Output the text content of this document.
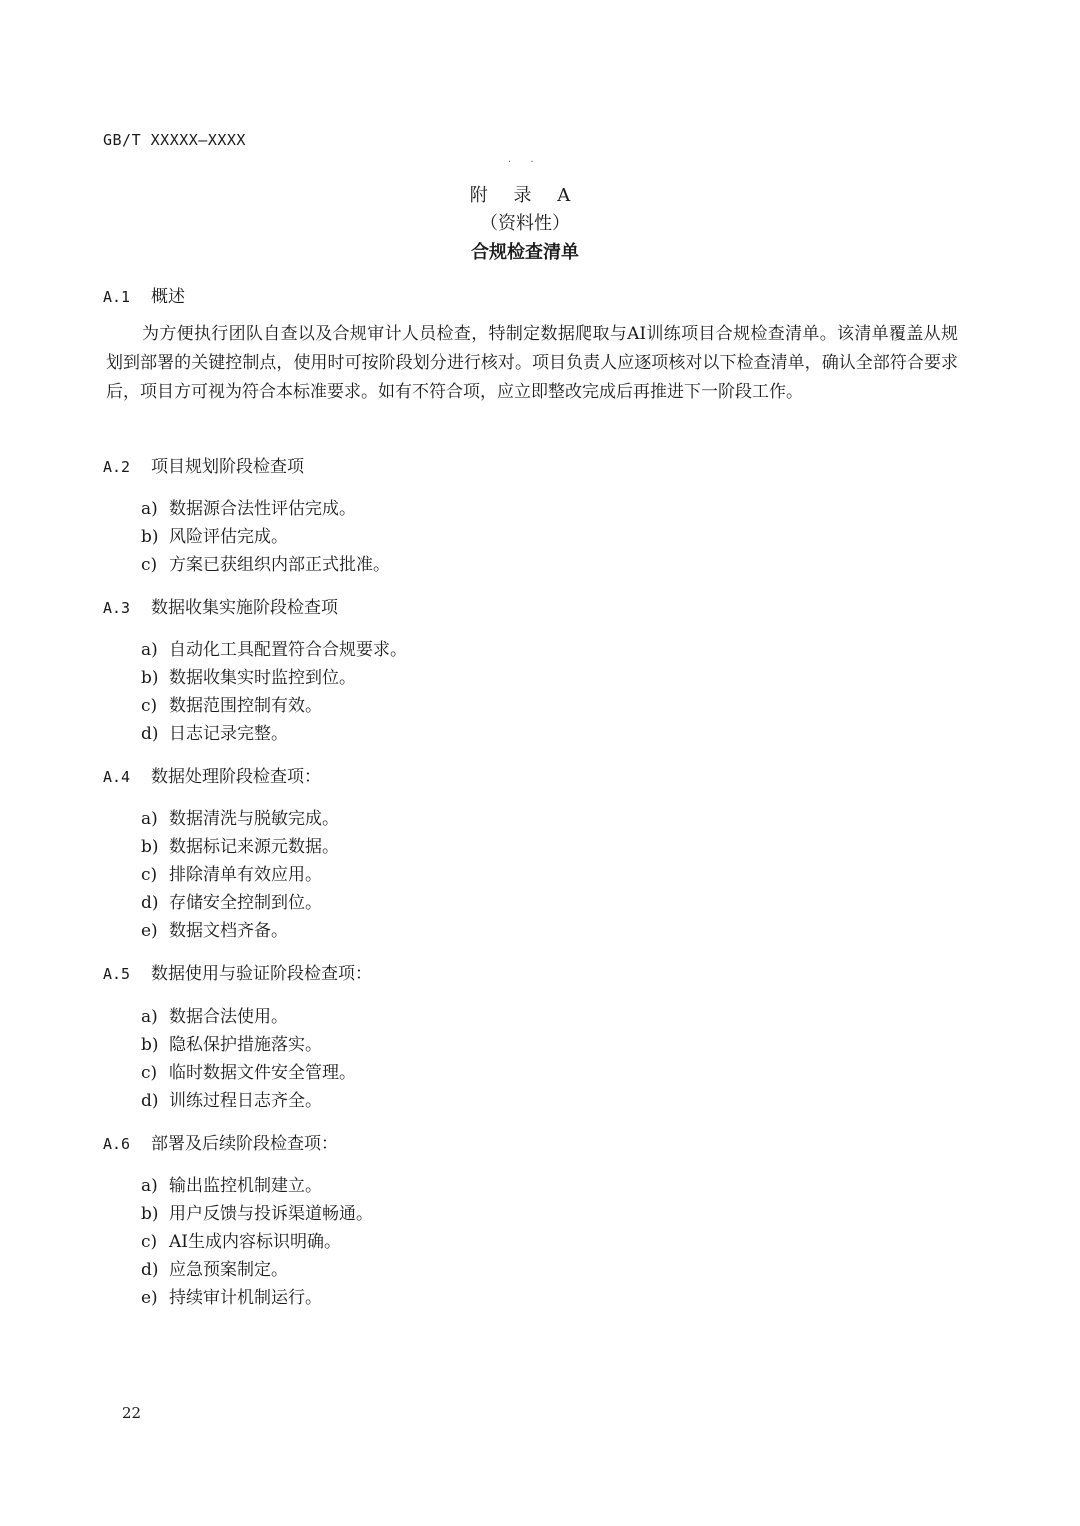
GB/T XXXXX—XXXX
· ·
附 录 A
（资料性）
合规检查清单
A.1 概述
为方便执行团队自查以及合规审计人员检查，特制定数据爬取与AI训练项目合规检查清单。该清单覆盖从规划到部署的关键控制点，使用时可按阶段划分进行核对。项目负责人应逐项核对以下检查清单，确认全部符合要求后，项目方可视为符合本标准要求。如有不符合项，应立即整改完成后再推进下一阶段工作。
A.2 项目规划阶段检查项
a) 数据源合法性评估完成。
b) 风险评估完成。
c) 方案已获组织内部正式批准。
A.3 数据收集实施阶段检查项
a) 自动化工具配置符合合规要求。
b) 数据收集实时监控到位。
c) 数据范围控制有效。
d) 日志记录完整。
A.4 数据处理阶段检查项：
a) 数据清洗与脱敏完成。
b) 数据标记来源元数据。
c) 排除清单有效应用。
d) 存储安全控制到位。
e) 数据文档齐备。
A.5 数据使用与验证阶段检查项：
a) 数据合法使用。
b) 隐私保护措施落实。
c) 临时数据文件安全管理。
d) 训练过程日志齐全。
A.6 部署及后续阶段检查项：
a) 输出监控机制建立。
b) 用户反馈与投诉渠道畅通。
c) AI生成内容标识明确。
d) 应急预案制定。
e) 持续审计机制运行。
22
